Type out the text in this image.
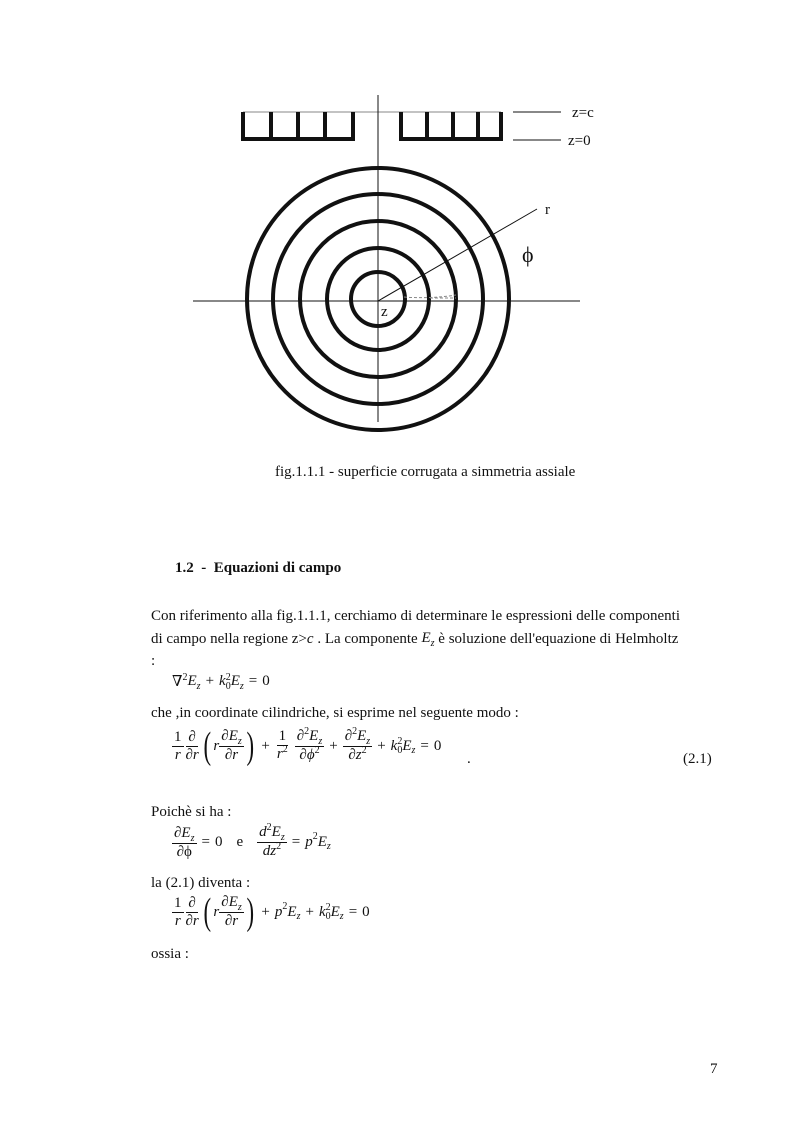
z=c
z=0
r
ϕ
z
fig.1.1.1 - superficie corrugata a simmetria assiale
1.2  -  Equazioni di campo
Con riferimento alla fig.1.1.1, cerchiamo di determinare le espressioni delle componenti
di campo nella regione z> c . La componente $E_z$ è soluzione dell'equazione di Helmholtz
:
∇$^2$ $E_z + k$ 2
0 $E_z = 0$
che ,in coordinate cilindriche, si esprime nel seguente modo :
$\frac{1}{r} \frac{\partial}{\partial r}$ ( r $\frac{\partial E_z}{\partial r}$ ) + $\frac{1}{r^2} \frac{\partial^2E_z}{\partial\phi^2} + \frac{\partial^2E_z}{\partial z^2} + k$ 2
0 E z = 0
.	(2.1)
Poichè si ha :
$\frac{\partial E_z}{\partial\phi} = 0$ e $\frac{d^2E_z}{dz^2} = p$ 2 E z
la (2.1) diventa :
$\frac{1}{r} \frac{\partial}{\partial r}$ ( r $\frac{\partial E_z}{\partial r}$ ) + p 2 E z + k 2
0 E z = 0
ossia :
7
